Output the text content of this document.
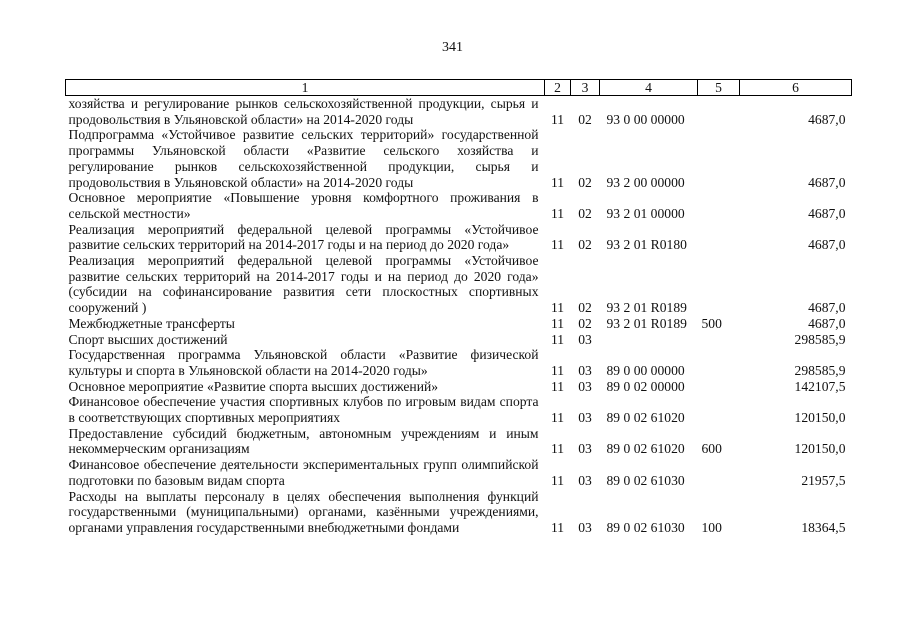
341
1	2	3	4	5	6
хозяйства и регулирование рынков сельскохозяйственной продукции, сырья и продовольствия в Ульяновской области» на 2014-2020 годы	11	02	93 0 00 00000		4687,0
Подпрограмма «Устойчивое развитие сельских территорий» государственной программы Ульяновской области «Развитие сельского хозяйства и регулирование рынков сельскохозяйственной продукции, сырья и продовольствия в Ульяновской области» на 2014-2020 годы	11	02	93 2 00 00000		4687,0
Основное мероприятие «Повышение уровня комфортного проживания в сельской местности»	11	02	93 2 01 00000		4687,0
Реализация мероприятий федеральной целевой программы «Устойчивое развитие сельских территорий на 2014-2017 годы и на период до 2020 года»	11	02	93 2 01 R0180		4687,0
Реализация мероприятий федеральной целевой программы «Устойчивое развитие сельских территорий на 2014-2017 годы и на период до 2020 года» (субсидии на софинансирование развития сети плоскостных спортивных сооружений )	11	02	93 2 01 R0189		4687,0
Межбюджетные трансферты	11	02	93 2 01 R0189	500	4687,0
Спорт высших достижений	11	03			298585,9
Государственная программа Ульяновской области «Развитие физической культуры и спорта в Ульяновской области на 2014-2020 годы»	11	03	89 0 00 00000		298585,9
Основное мероприятие «Развитие спорта высших достижений»	11	03	89 0 02 00000		142107,5
Финансовое обеспечение участия спортивных клубов по игровым видам спорта в соответствующих спортивных мероприятиях	11	03	89 0 02 61020		120150,0
Предоставление субсидий бюджетным, автономным учреждениям и иным некоммерческим организациям	11	03	89 0 02 61020	600	120150,0
Финансовое обеспечение деятельности экспериментальных групп олимпийской подготовки по базовым видам спорта	11	03	89 0 02 61030		21957,5
Расходы на выплаты персоналу в целях обеспечения выполнения функций государственными (муниципальными) органами, казёнными учреждениями, органами управления государственными внебюджетными фондами	11	03	89 0 02 61030	100	18364,5
